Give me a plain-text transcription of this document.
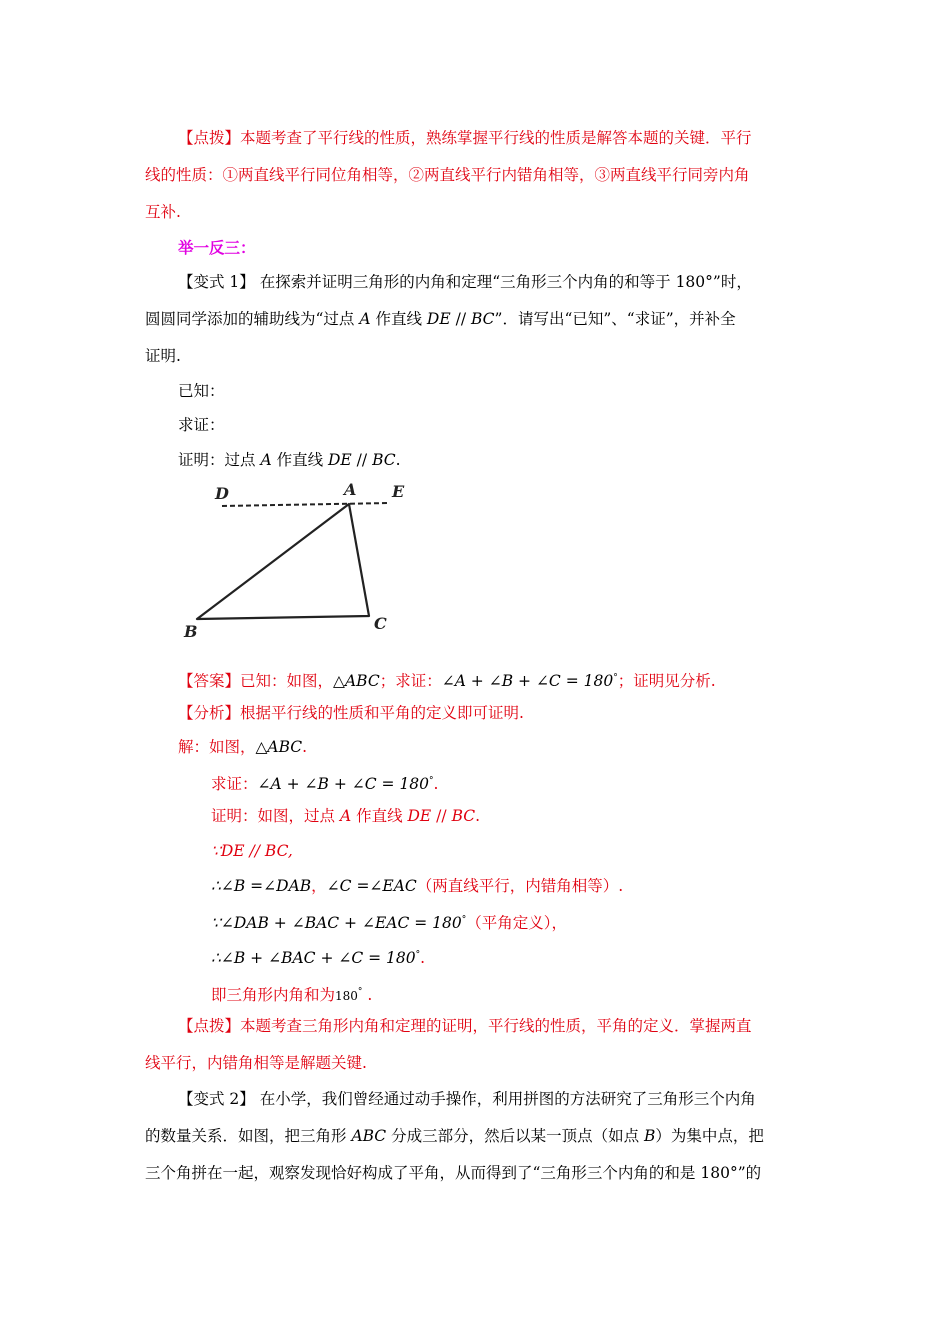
【点拨】本题考查了平行线的性质，熟练掌握平行线的性质是解答本题的关键．平行
线的性质：①两直线平行同位角相等，②两直线平行内错角相等，③两直线平行同旁内角
互补.
举一反三：
【变式 1】 在探索并证明三角形的内角和定理“三角形三个内角的和等于 180°”时，
圆圆同学添加的辅助线为“过点 A 作直线 DE // BC”．请写出“已知”、“求证”，并补全
证明.
已知：
求证：
证明：过点 A 作直线 DE // BC.
D	A E
B	C
【答案】已知：如图，△ABC；求证：∠A + ∠B + ∠C = 180°；证明见分析.
【分析】根据平行线的性质和平角的定义即可证明.
解：如图，△ABC.
求证：∠A + ∠B + ∠C = 180°.
证明：如图，过点 A 作直线 DE // BC.
∵DE // BC,
∴∠B =∠DAB，∠C =∠EAC（两直线平行，内错角相等）.
∵∠DAB + ∠BAC + ∠EAC = 180°（平角定义），
∴∠B + ∠BAC + ∠C = 180°.
即三角形内角和为180° .
【点拨】本题考查三角形内角和定理的证明，平行线的性质，平角的定义．掌握两直
线平行，内错角相等是解题关键.
【变式 2】 在小学，我们曾经通过动手操作，利用拼图的方法研究了三角形三个内角
的数量关系．如图，把三角形 ABC 分成三部分，然后以某一顶点（如点 B）为集中点，把
三个角拼在一起，观察发现恰好构成了平角，从而得到了“三角形三个内角的和是 180°”的
